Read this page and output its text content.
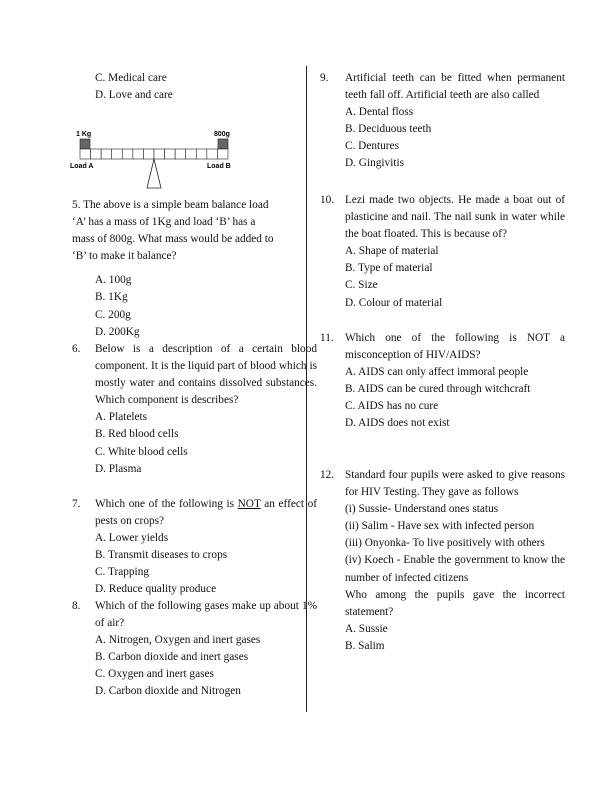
C. Medical care
D. Love and care
1 Kg	800g
Load A	Load B
5. The above is a simple beam balance load
‘A’ has a mass of 1Kg and load ‘B’ has a
mass of 800g. What mass would be added to
‘B’ to make it balance?
A. 100g
B. 1Kg
C. 200g
D. 200Kg
6. Below is a description of a certain blood component. It is the liquid part of blood which is mostly water and contains dissolved substances. Which component is describes?
A. Platelets
B. Red blood cells
C. White blood cells
D. Plasma
7. Which one of the following is NOT an effect of pests on crops?
A. Lower yields
B. Transmit diseases to crops
C. Trapping
D. Reduce quality produce
8. Which of the following gases make up about 1% of air?
A. Nitrogen, Oxygen and inert gases
B. Carbon dioxide and inert gases
C. Oxygen and inert gases
D. Carbon dioxide and Nitrogen
9. Artificial teeth can be fitted when permanent teeth fall off. Artificial teeth are also called
A. Dental floss
B. Deciduous teeth
C. Dentures
D. Gingivitis
10. Lezi made two objects. He made a boat out of plasticine and nail. The nail sunk in water while the boat floated. This is because of?
A. Shape of material
B. Type of material
C. Size
D. Colour of material
11. Which one of the following is NOT a misconception of HIV/AIDS?
A. AIDS can only affect immoral people
B. AIDS can be cured through witchcraft
C. AIDS has no cure
D. AIDS does not exist
12. Standard four pupils were asked to give reasons for HIV Testing. They gave as follows
(i) Sussie- Understand ones status
(ii) Salim - Have sex with infected person
(iii) Onyonka- To live positively with others
(iv) Koech - Enable the government to know the number of infected citizens
Who among the pupils gave the incorrect statement?
A. Sussie
B. Salim
